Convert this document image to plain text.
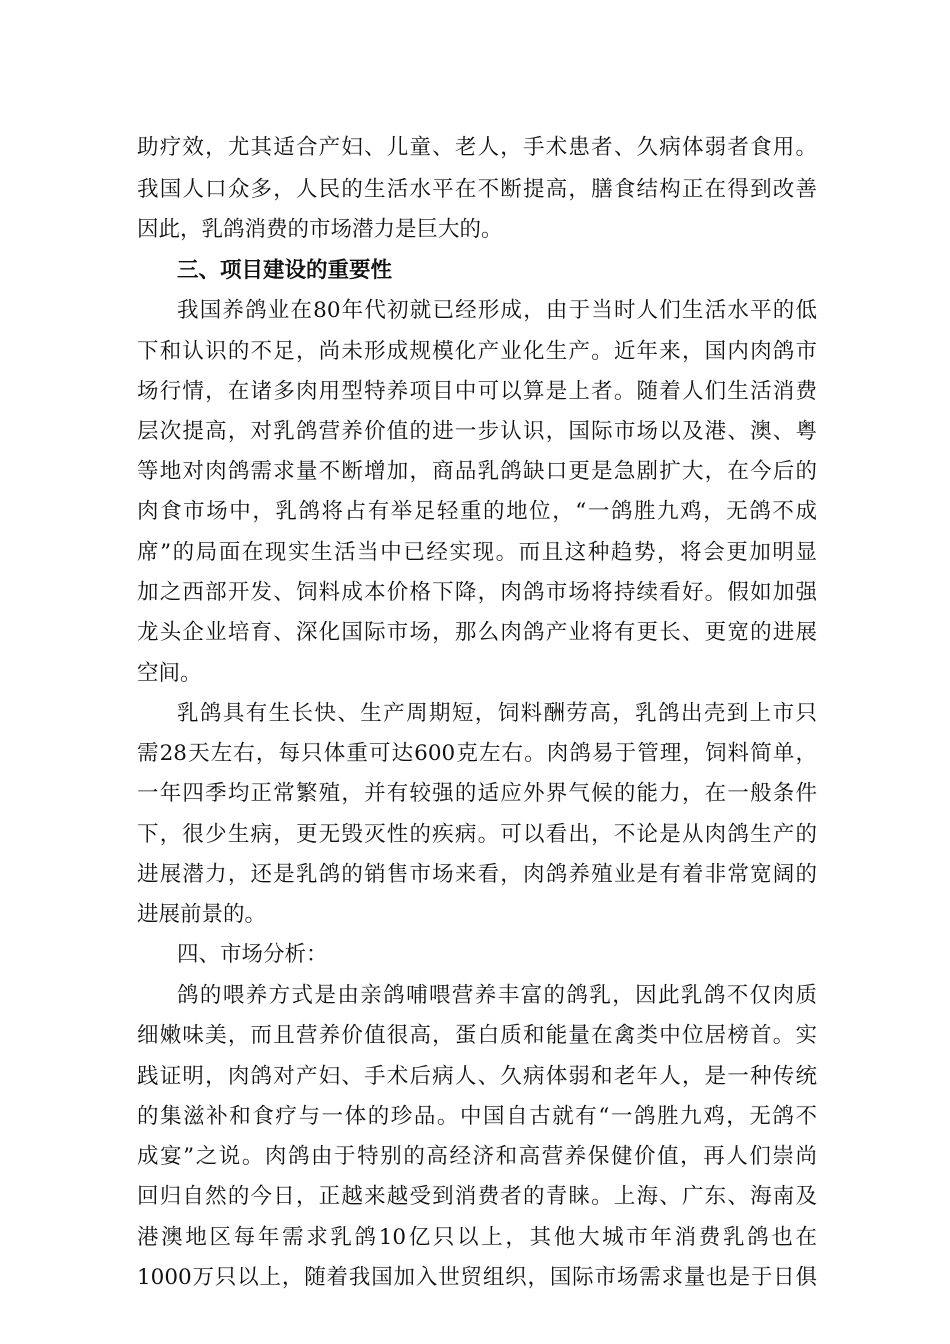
助疗效，尤其适合产妇、儿童、老人，手术患者、久病体弱者食用。
我国人口众多，人民的生活水平在不断提高，膳食结构正在得到改善
因此，乳鸽消费的市场潜力是巨大的。
三、项目建设的重要性
我国养鸽业在80年代初就已经形成，由于当时人们生活水平的低
下和认识的不足，尚未形成规模化产业化生产。近年来，国内肉鸽市
场行情，在诸多肉用型特养项目中可以算是上者。随着人们生活消费
层次提高，对乳鸽营养价值的进一步认识，国际市场以及港、澳、粤
等地对肉鸽需求量不断增加，商品乳鸽缺口更是急剧扩大，在今后的
肉食市场中，乳鸽将占有举足轻重的地位，“一鸽胜九鸡，无鸽不成
席”的局面在现实生活当中已经实现。而且这种趋势，将会更加明显
加之西部开发、饲料成本价格下降，肉鸽市场将持续看好。假如加强
龙头企业培育、深化国际市场，那么肉鸽产业将有更长、更宽的进展
空间。
乳鸽具有生长快、生产周期短，饲料酬劳高，乳鸽出壳到上市只
需28天左右，每只体重可达600克左右。肉鸽易于管理，饲料简单，
一年四季均正常繁殖，并有较强的适应外界气候的能力，在一般条件
下，很少生病，更无毁灭性的疾病。可以看出，不论是从肉鸽生产的
进展潜力，还是乳鸽的销售市场来看，肉鸽养殖业是有着非常宽阔的
进展前景的。
四、市场分析：
鸽的喂养方式是由亲鸽哺喂营养丰富的鸽乳，因此乳鸽不仅肉质
细嫩味美，而且营养价值很高，蛋白质和能量在禽类中位居榜首。实
践证明，肉鸽对产妇、手术后病人、久病体弱和老年人，是一种传统
的集滋补和食疗与一体的珍品。中国自古就有“一鸽胜九鸡，无鸽不
成宴”之说。肉鸽由于特别的高经济和高营养保健价值，再人们崇尚
回归自然的今日，正越来越受到消费者的青睐。上海、广东、海南及
港澳地区每年需求乳鸽10亿只以上，其他大城市年消费乳鸽也在
1000万只以上，随着我国加入世贸组织，国际市场需求量也是于日俱
